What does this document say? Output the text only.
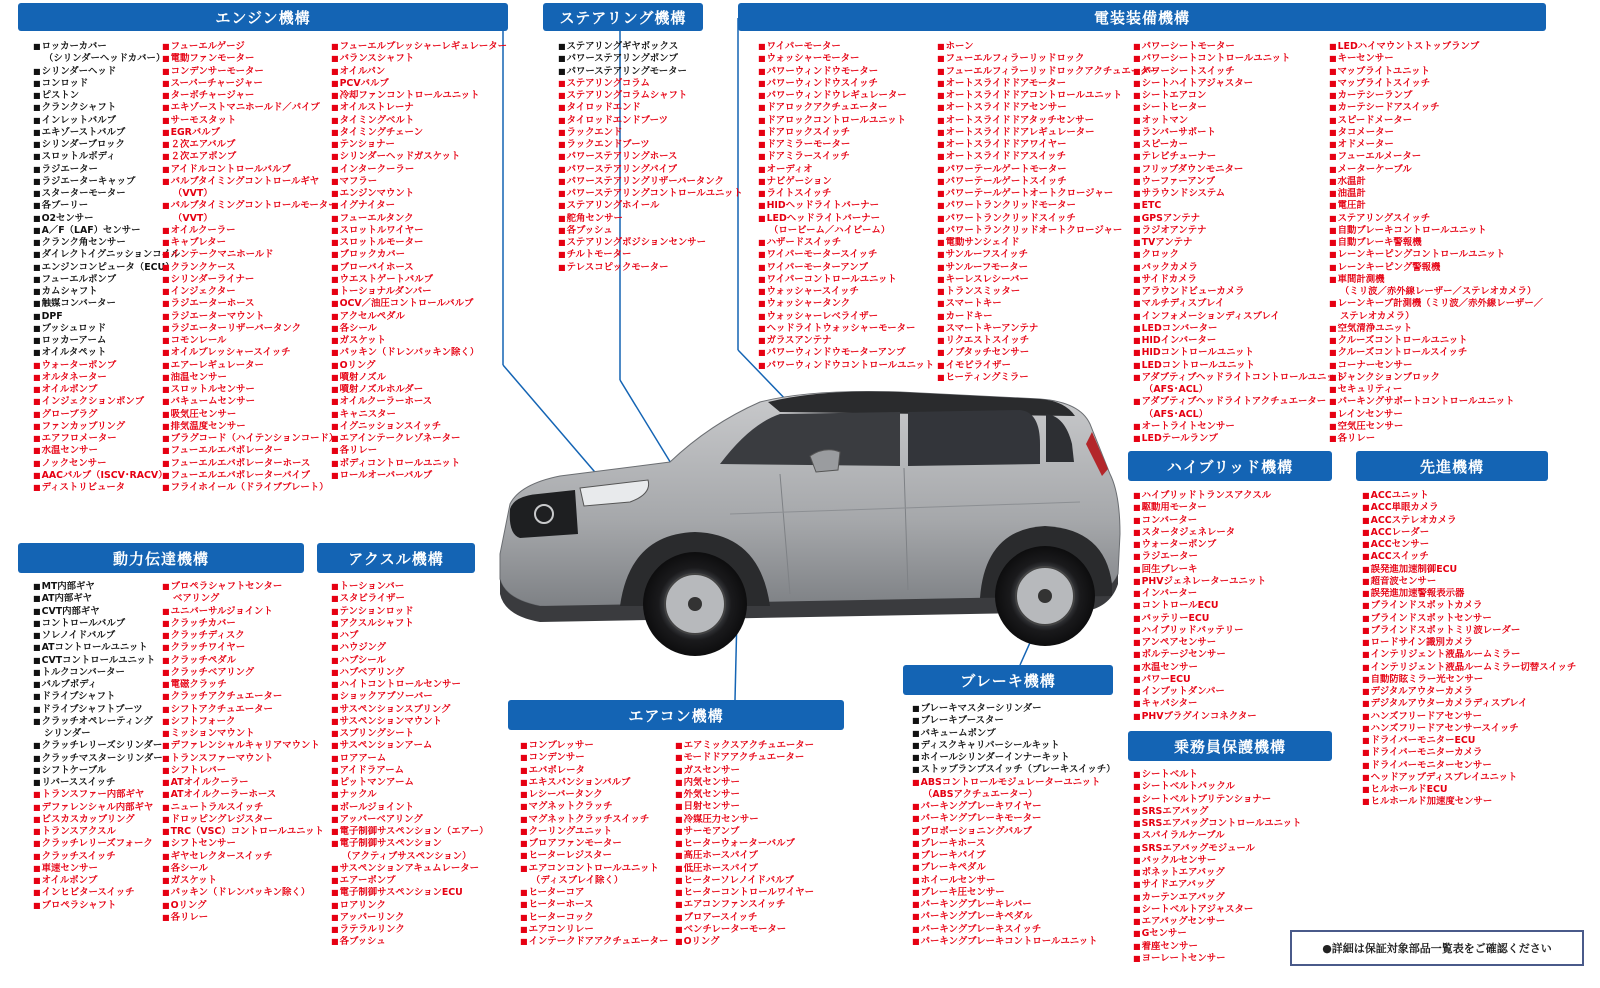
エンジン機構	ステアリング機構	電装装備機構
ハイブリッド機構	先進機構
動力伝達機構	アクスル機構
エアコン機構
ブレーキ機構
乗務員保護機構
■ ロッカーカバー
（シリンダーヘッドカバー）
■ シリンダーヘッド
■ コンロッド
■ ピストン
■ クランクシャフト
■ インレットバルブ
■ エキゾーストバルブ
■ シリンダーブロック
■ スロットルボディ
■ ラジエーター
■ ラジエーターキャップ
■ スターターモーター
■ 各プーリー
■ O2センサー
■ A／F（LAF）センサー
■ クランク角センサー
■ ダイレクトイグニッションコイル
■ エンジンコンピュータ（ECU）
■ フューエルポンプ
■ カムシャフト
■ 触媒コンバーター
■ DPF
■ プッシュロッド
■ ロッカーアーム
■ オイルタペット
■ ウォーターポンプ
■ オルタネーター
■ オイルポンプ
■ インジェクションポンプ
■ グロープラグ
■ ファンカップリング
■ エアフロメーター
■ 水温センサー
■ ノックセンサー
■ AACバルブ（ISCV･RACV）
■ ディストリビュータ
■ フューエルゲージ
■ 電動ファンモーター
■ コンデンサーモーター
■ スーパーチャージャー
■ ターボチャージャー
■ エキゾーストマニホールド／パイプ
■ サーモスタット
■ EGRバルブ
■ ２次エアバルブ
■ ２次エアポンプ
■ アイドルコントロールバルブ
■ バルブタイミングコントロールギヤ
（VVT）
■ バルブタイミングコントロールモーター
（VVT）
■ オイルクーラー
■ キャブレター
■ インテークマニホールド
■ クランクケース
■ シリンダーライナー
■ インジェクター
■ ラジエーターホース
■ ラジエーターマウント
■ ラジエーターリザーバータンク
■ コモンレール
■ オイルプレッシャースイッチ
■ エアーレギュレーター
■ 油温センサー
■ スロットルセンサー
■ バキュームセンサー
■ 吸気圧センサー
■ 排気温度センサー
■ プラグコード（ハイテンションコード）
■ フューエルエバポレーター
■ フューエルエバポレーターホース
■ フューエルエバポレーターパイプ
■ フライホイール（ドライブプレート）
■ フューエルプレッシャーレギュレーター
■ バランスシャフト
■ オイルパン
■ PCVバルブ
■ 冷却ファンコントロールユニット
■ オイルストレーナ
■ タイミングベルト
■ タイミングチェーン
■ テンショナー
■ シリンダーヘッドガスケット
■ インタークーラー
■ マフラー
■ エンジンマウント
■ イグナイター
■ フューエルタンク
■ スロットルワイヤー
■ スロットルモーター
■ ブロックカバー
■ ブローバイホース
■ ウエストゲートバルブ
■ トーショナルダンパー
■ OCV／油圧コントロールバルブ
■ アクセルペダル
■ 各シール
■ ガスケット
■ パッキン（ドレンパッキン除く）
■ Oリング
■ 噴射ノズル
■ 噴射ノズルホルダー
■ オイルクーラーホース
■ キャニスター
■ イグニッションスイッチ
■ エアインテークレゾネーター
■ 各リレー
■ ボディコントロールユニット
■ ロールオーバーバルブ
■ ステアリングギヤボックス
■ パワーステアリングポンプ
■ パワーステアリングモーター
■ ステアリングコラム
■ ステアリングコラムシャフト
■ タイロッドエンド
■ タイロッドエンドブーツ
■ ラックエンド
■ ラックエンドブーツ
■ パワーステアリングホース
■ パワーステアリングパイプ
■ パワーステアリングリザーバータンク
■ パワーステアリングコントロールユニット
■ ステアリングホイール
■ 舵角センサー
■ 各ブッシュ
■ ステアリングポジションセンサー
■ チルトモーター
■ テレスコピックモーター
■ ワイパーモーター
■ ウォッシャーモーター
■ パワーウィンドウモーター
■ パワーウィンドウスイッチ
■ パワーウィンドウレギュレーター
■ ドアロックアクチュエーター
■ ドアロックコントロールユニット
■ ドアロックスイッチ
■ ドアミラーモーター
■ ドアミラースイッチ
■ オーディオ
■ ナビゲーション
■ ライトスイッチ
■ HIDヘッドライトバーナー
■ LEDヘッドライトバーナー
（ロービーム／ハイビーム）
■ ハザードスイッチ
■ ワイパーモータースイッチ
■ ワイパーモーターアンプ
■ ワイパーコントロールユニット
■ ウォッシャースイッチ
■ ウォッシャータンク
■ ウォッシャーレベライザー
■ ヘッドライトウォッシャーモーター
■ ガラスアンテナ
■ パワーウィンドウモーターアンプ
■ パワーウィンドウコントロールユニット
■ ホーン
■ フューエルフィラーリッドロック
■ フューエルフィラーリッドロックアクチュエーター
■ オートスライドドアモーター
■ オートスライドドアコントロールユニット
■ オートスライドドアセンサー
■ オートスライドドアタッチセンサー
■ オートスライドドアレギュレーター
■ オートスライドドアワイヤー
■ オートスライドドアスイッチ
■ パワーテールゲートモーター
■ パワーテールゲートスイッチ
■ パワーテールゲートオートクロージャー
■ パワートランクリッドモーター
■ パワートランクリッドスイッチ
■ パワートランクリッドオートクロージャー
■ 電動サンシェイド
■ サンルーフスイッチ
■ サンルーフモーター
■ キーレスレシーバー
■ トランスミッター
■ スマートキー
■ カードキー
■ スマートキーアンテナ
■ リクエストスイッチ
■ ノブタッチセンサー
■ イモビライザー
■ ヒーティングミラー
■ パワーシートモーター
■ パワーシートコントロールユニット
■ パワーシートスイッチ
■ シートハイトアジャスター
■ シートエアコン
■ シートヒーター
■ オットマン
■ ランバーサポート
■ スピーカー
■ テレビチューナー
■ フリップダウンモニター
■ ウーファーアンプ
■ サラウンドシステム
■ ETC
■ GPSアンテナ
■ ラジオアンテナ
■ TVアンテナ
■ クロック
■ バックカメラ
■ サイドカメラ
■ アラウンドビューカメラ
■ マルチディスプレイ
■ インフォメーションディスプレイ
■ LEDコンバーター
■ HIDインバーター
■ HIDコントロールユニット
■ LEDコントロールユニット
■ アダプティブヘッドライトコントロールユニット
（AFS･ACL）
■ アダプティブヘッドライトアクチュエーター
（AFS･ACL）
■ オートライトセンサー
■ LEDテールランプ
■ LEDハイマウントストップランプ
■ キーセンサー
■ マップライトユニット
■ マップライトスイッチ
■ カーテシーランプ
■ カーテシードアスイッチ
■ スピードメーター
■ タコメーター
■ オドメーター
■ フューエルメーター
■ メーターケーブル
■ 水温計
■ 油温計
■ 電圧計
■ ステアリングスイッチ
■ 自動ブレーキコントロールユニット
■ 自動ブレーキ警報機
■ レーンキーピングコントロールユニット
■ レーンキーピング警報機
■ 車間計測機
（ミリ波／赤外線レーザー／ステレオカメラ）
■ レーンキープ計測機（ミリ波／赤外線レーザー／
ステレオカメラ）
■ 空気清浄ユニット
■ クルーズコントロールユニット
■ クルーズコントロールスイッチ
■ コーナーセンサー
■ ジャンクションブロック
■ セキュリティー
■ パーキングサポートコントロールユニット
■ レインセンサー
■ 空気圧センサー
■ 各リレー
■ ハイブリッドトランスアクスル
■ 駆動用モーター
■ コンバーター
■ スタータジェネレータ
■ ウォーターポンプ
■ ラジエーター
■ 回生ブレーキ
■ PHVジェネレーターユニット
■ インバーター
■ コントロールECU
■ バッテリーECU
■ ハイブリッドバッテリー
■ アンペアセンサー
■ ボルテージセンサー
■ 水温センサー
■ パワーECU
■ インプットダンパー
■ キャパシター
■ PHVプラグインコネクター
■ ACCユニット
■ ACC単眼カメラ
■ ACCステレオカメラ
■ ACCレーダー
■ ACCセンサー
■ ACCスイッチ
■ 誤発進加速制御ECU
■ 超音波センサー
■ 誤発進加速警報表示器
■ ブラインドスポットカメラ
■ ブラインドスポットセンサー
■ ブラインドスポットミリ波レーダー
■ ロードサイン識別カメラ
■ インテリジェント液晶ルームミラー
■ インテリジェント液晶ルームミラー切替スイッチ
■ 自動防眩ミラー光センサー
■ デジタルアウターカメラ
■ デジタルアウターカメラディスプレイ
■ ハンズフリードアセンサー
■ ハンズフリードアセンサースイッチ
■ ドライバーモニターECU
■ ドライバーモニターカメラ
■ ドライバーモニターセンサー
■ ヘッドアップディスプレイユニット
■ ヒルホールドECU
■ ヒルホールド加速度センサー
■ MT内部ギヤ
■ AT内部ギヤ
■ CVT内部ギヤ
■ コントロールバルブ
■ ソレノイドバルブ
■ ATコントロールユニット
■ CVTコントロールユニット
■ トルクコンバーター
■ バルブボディ
■ ドライブシャフト
■ ドライブシャフトブーツ
■ クラッチオペレーティング
シリンダー
■ クラッチレリーズシリンダー
■ クラッチマスターシリンダー
■ シフトケーブル
■ リバーススイッチ
■ トランスファー内部ギヤ
■ デファレンシャル内部ギヤ
■ ビスカスカップリング
■ トランスアクスル
■ クラッチレリーズフォーク
■ クラッチスイッチ
■ 車速センサー
■ オイルポンプ
■ インヒビタースイッチ
■ プロペラシャフト
■ プロペラシャフトセンター
ベアリング
■ ユニバーサルジョイント
■ クラッチカバー
■ クラッチディスク
■ クラッチワイヤー
■ クラッチペダル
■ クラッチベアリング
■ 電磁クラッチ
■ クラッチアクチュエーター
■ シフトアクチュエーター
■ シフトフォーク
■ ミッションマウント
■ デファレンシャルキャリアマウント
■ トランスファーマウント
■ シフトレバー
■ ATオイルクーラー
■ ATオイルクーラーホース
■ ニュートラルスイッチ
■ ドロッピングレジスター
■ TRC（VSC）コントロールユニット
■ シフトセンサー
■ ギヤセレクタースイッチ
■ 各シール
■ ガスケット
■ パッキン（ドレンパッキン除く）
■ Oリング
■ 各リレー
■ トーションバー
■ スタビライザー
■ テンションロッド
■ アクスルシャフト
■ ハブ
■ ハウジング
■ ハブシール
■ ハブベアリング
■ ハイトコントロールセンサー
■ ショックアブソーバー
■ サスペンションスプリング
■ サスペンションマウント
■ スプリングシート
■ サスペンションアーム
■ ロアアーム
■ アイドラアーム
■ ピットマンアーム
■ ナックル
■ ボールジョイント
■ アッパーベアリング
■ 電子制御サスペンション（エアー）
■ 電子制御サスペンション
（アクティブサスペンション）
■ サスペンションアキュムレーター
■ エアーポンプ
■ 電子制御サスペンションECU
■ ロアリンク
■ アッパーリンク
■ ラテラルリンク
■ 各ブッシュ
■ コンプレッサー
■ コンデンサー
■ エバポレータ
■ エキスパンションバルブ
■ レシーバータンク
■ マグネットクラッチ
■ マグネットクラッチスイッチ
■ クーリングユニット
■ ブロアファンモーター
■ ヒーターレジスター
■ エアコンコントロールユニット
（ディスプレイ除く）
■ ヒーターコア
■ ヒーターホース
■ ヒーターコック
■ エアコンリレー
■ インテークドアアクチュエーター
■ エアミックスアクチュエーター
■ モードドアアクチュエーター
■ ガスセンサー
■ 内気センサー
■ 外気センサー
■ 日射センサー
■ 冷媒圧力センサー
■ サーモアンプ
■ ヒーターウォーターバルブ
■ 高圧ホースパイプ
■ 低圧ホースパイプ
■ ヒーターソレノイドバルブ
■ ヒーターコントロールワイヤー
■ エアコンファンスイッチ
■ ブロアースイッチ
■ ベンチレーターモーター
■ Oリング
■ ブレーキマスターシリンダー
■ ブレーキブースター
■ バキュームポンプ
■ ディスクキャリパーシールキット
■ ホイールシリンダーインナーキット
■ ストップランプスイッチ（ブレーキスイッチ）
■ ABSコントロールモジュレーターユニット
（ABSアクチュエーター）
■ パーキングブレーキワイヤー
■ パーキングブレーキモーター
■ プロポーショニングバルブ
■ ブレーキホース
■ ブレーキパイプ
■ ブレーキペダル
■ ホイールセンサー
■ ブレーキ圧センサー
■ パーキングブレーキレバー
■ パーキングブレーキペダル
■ パーキングブレーキスイッチ
■ パーキングブレーキコントロールユニット
■ シートベルト
■ シートベルトバックル
■ シートベルトプリテンショナー
■ SRSエアバッグ
■ SRSエアバッグコントロールユニット
■ スパイラルケーブル
■ SRSエアバッグモジュール
■ バックルセンサー
■ ポネットエアバッグ
■ サイドエアバッグ
■ カーテンエアバッグ
■ シートベルトアジャスター
■ エアバッグセンサー
■ Gセンサー
■ 着座センサー
■ ヨーレートセンサー
●詳細は保証対象部品一覧表をご確認ください
